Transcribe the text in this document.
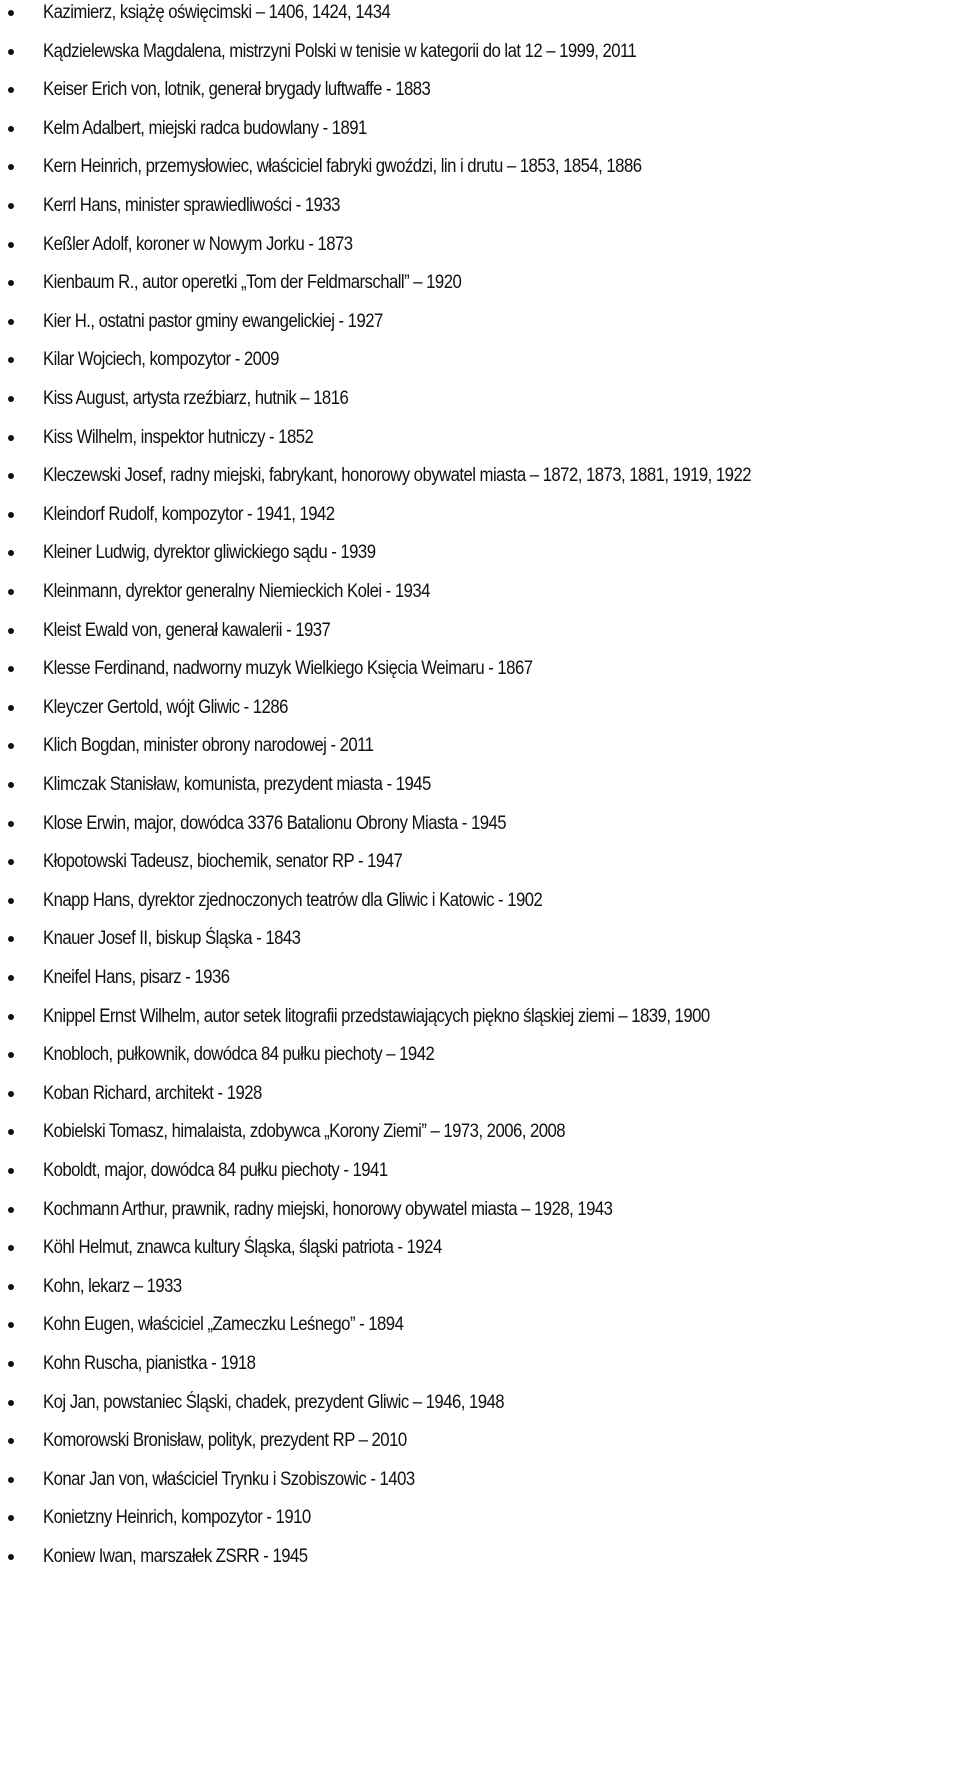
Kazimierz, książę oświęcimski – 1406, 1424, 1434
Kądzielewska Magdalena, mistrzyni Polski w tenisie w kategorii do lat 12 – 1999, 2011
Keiser Erich von, lotnik, generał brygady luftwaffe - 1883
Kelm Adalbert, miejski radca budowlany - 1891
Kern Heinrich, przemysłowiec, właściciel fabryki gwoździ, lin i drutu – 1853, 1854, 1886
Kerrl Hans, minister sprawiedliwości - 1933
Keßler Adolf, koroner w Nowym Jorku - 1873
Kienbaum R., autor operetki „Tom der Feldmarschall” – 1920
Kier H., ostatni pastor gminy ewangelickiej - 1927
Kilar Wojciech, kompozytor - 2009
Kiss August, artysta rzeźbiarz, hutnik – 1816
Kiss Wilhelm, inspektor hutniczy - 1852
Kleczewski Josef, radny miejski, fabrykant, honorowy obywatel miasta – 1872, 1873, 1881, 1919, 1922
Kleindorf Rudolf, kompozytor - 1941, 1942
Kleiner Ludwig, dyrektor gliwickiego sądu - 1939
Kleinmann, dyrektor generalny Niemieckich Kolei - 1934
Kleist Ewald von, generał kawalerii - 1937
Klesse Ferdinand, nadworny muzyk Wielkiego Księcia Weimaru - 1867
Kleyczer Gertold, wójt Gliwic - 1286
Klich Bogdan, minister obrony narodowej - 2011
Klimczak Stanisław, komunista, prezydent miasta - 1945
Klose Erwin, major, dowódca 3376 Batalionu Obrony Miasta - 1945
Kłopotowski Tadeusz, biochemik, senator RP - 1947
Knapp Hans, dyrektor zjednoczonych teatrów dla Gliwic i Katowic - 1902
Knauer Josef II, biskup Śląska - 1843
Kneifel Hans, pisarz - 1936
Knippel Ernst Wilhelm, autor setek litografii przedstawiających piękno śląskiej ziemi – 1839, 1900
Knobloch, pułkownik, dowódca 84 pułku piechoty – 1942
Koban Richard, architekt - 1928
Kobielski Tomasz, himalaista, zdobywca „Korony Ziemi” – 1973, 2006, 2008
Koboldt, major, dowódca 84 pułku piechoty - 1941
Kochmann Arthur, prawnik, radny miejski, honorowy obywatel miasta – 1928, 1943
Köhl Helmut, znawca kultury Śląska, śląski patriota - 1924
Kohn, lekarz – 1933
Kohn Eugen, właściciel „Zameczku Leśnego” - 1894
Kohn Ruscha, pianistka - 1918
Koj Jan, powstaniec Śląski, chadek, prezydent Gliwic – 1946, 1948
Komorowski Bronisław, polityk, prezydent RP – 2010
Konar Jan von, właściciel Trynku i Szobiszowic - 1403
Konietzny Heinrich, kompozytor - 1910
Koniew Iwan, marszałek ZSRR - 1945
